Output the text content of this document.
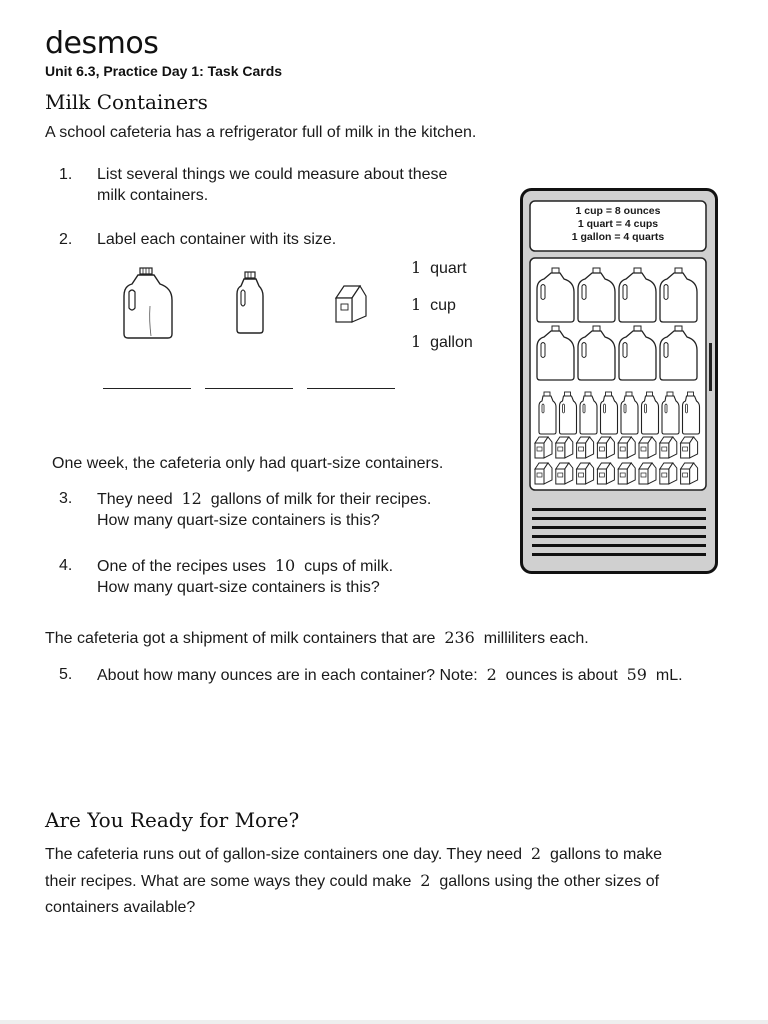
desmos
Unit 6.3, Practice Day 1: Task Cards
Milk Containers
A school cafeteria has a refrigerator full of milk in the kitchen.
1. List several things we could measure about these
milk containers.
2. Label each container with its size.
1 quart
1 cup
1 gallon
1 cup = 8 ounces
1 quart = 4 cups
1 gallon = 4 quarts
One week, the cafeteria only had quart-size containers.
3. They need 12 gallons of milk for their recipes.
How many quart-size containers is this?
4. One of the recipes uses 10 cups of milk.
How many quart-size containers is this?
The cafeteria got a shipment of milk containers that are 236 milliliters each.
5. About how many ounces are in each container? Note: 2 ounces is about 59 mL.
Are You Ready for More?
The cafeteria runs out of gallon-size containers one day. They need 2 gallons to make
their recipes. What are some ways they could make 2 gallons using the other sizes of
containers available?
